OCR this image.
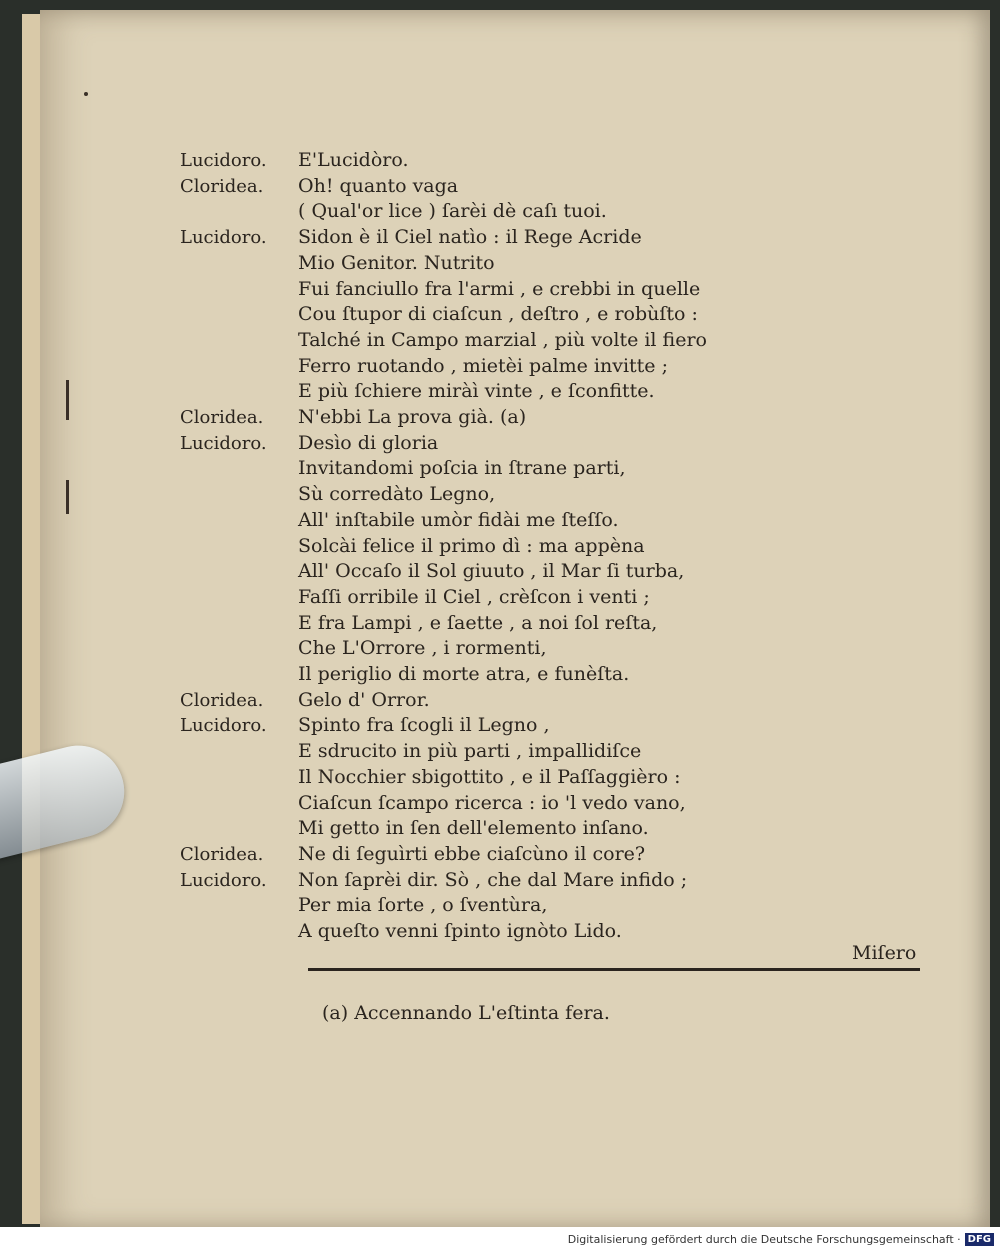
Lucidoro.	E'Lucidòro.
Cloridea.	Oh! quanto vaga
( Qual'or lice ) ſarèi dè caſı tuoi.
Lucidoro.	Sidon è il Ciel natìo : il Rege Acride
Mio Genitor. Nutrito
Fui fanciullo fra l'armi , e crebbi in quelle
Cou ſtupor di ciaſcun , deſtro , e robùſto :
Talché in Campo marzial , più volte il fiero
Ferro ruotando , mietèi palme invitte ;
E più ſchiere miràì vinte , e ſconfitte.
Cloridea.	N'ebbi La prova già. (a)
Lucidoro.	Desìo di gloria
Invitandomi poſcia in ſtrane parti,
Sù corredàto Legno,
All' inſtabile umòr fidài me ſteſſo.
Solcài felice il primo dì : ma appèna
All' Occaſo il Sol giuuto , il Mar ſi turba,
Faſſi orribile il Ciel , crèſcon i venti ;
E fra Lampi , e ſaette , a noi ſol reſta,
Che L'Orrore , i rormenti,
Il periglio di morte atra, e funèſta.
Cloridea.	Gelo d' Orror.
Lucidoro.	Spinto fra ſcogli il Legno ,
E sdrucito in più parti , impallidiſce
Il Nocchier sbigottito , e il Paſſaggièro :
Ciaſcun ſcampo ricerca : io 'l vedo vano,
Mi getto in ſen dell'elemento inſano.
Cloridea.	Ne di ſeguìrti ebbe ciaſcùno il core?
Lucidoro.	Non ſaprèi dir. Sò , che dal Mare infido ;
Per mia ſorte , o ſventùra,
A queſto venni ſpinto ignòto Lido.
Miſero
(a) Accennando L'eſtinta fera.
Digitalisierung gefördert durch die Deutsche Forschungsgemeinschaft · DFG
